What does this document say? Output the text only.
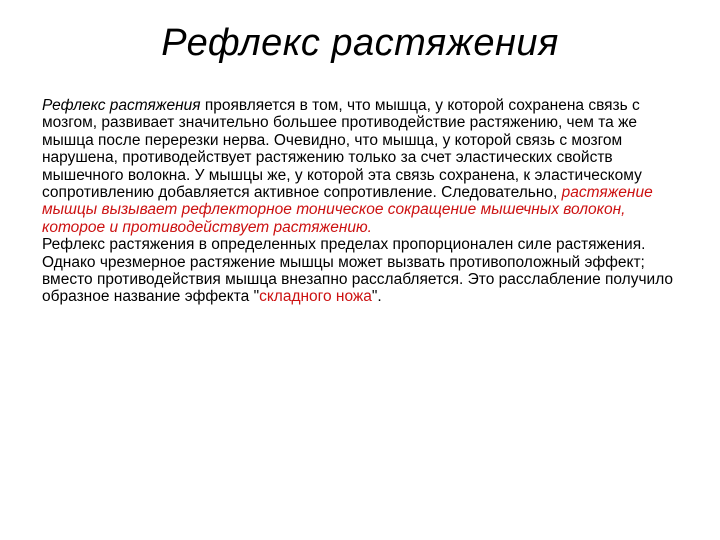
Рефлекс растяжения

Рефлекс растяжения проявляется в том, что мышца, у которой сохранена связь с мозгом, развивает значительно большее противодействие растяжению, чем та же мышца после перерезки нерва. Очевидно, что мышца, у которой связь с мозгом нарушена, противодействует растяжению только за счет эластических свойств мышечного волокна. У мышцы же, у которой эта связь сохранена, к эластическому сопротивлению добавляется активное сопротивление. Следовательно, растяжение мышцы вызывает рефлекторное тоническое сокращение мышечных волокон, которое и противодействует растяжению.

Рефлекс растяжения в определенных пределах пропорционален силе растяжения. Однако чрезмерное растяжение мышцы может вызвать противоположный эффект; вместо противодействия мышца внезапно расслабляется. Это расслабление получило образное название эффекта "складного ножа".
